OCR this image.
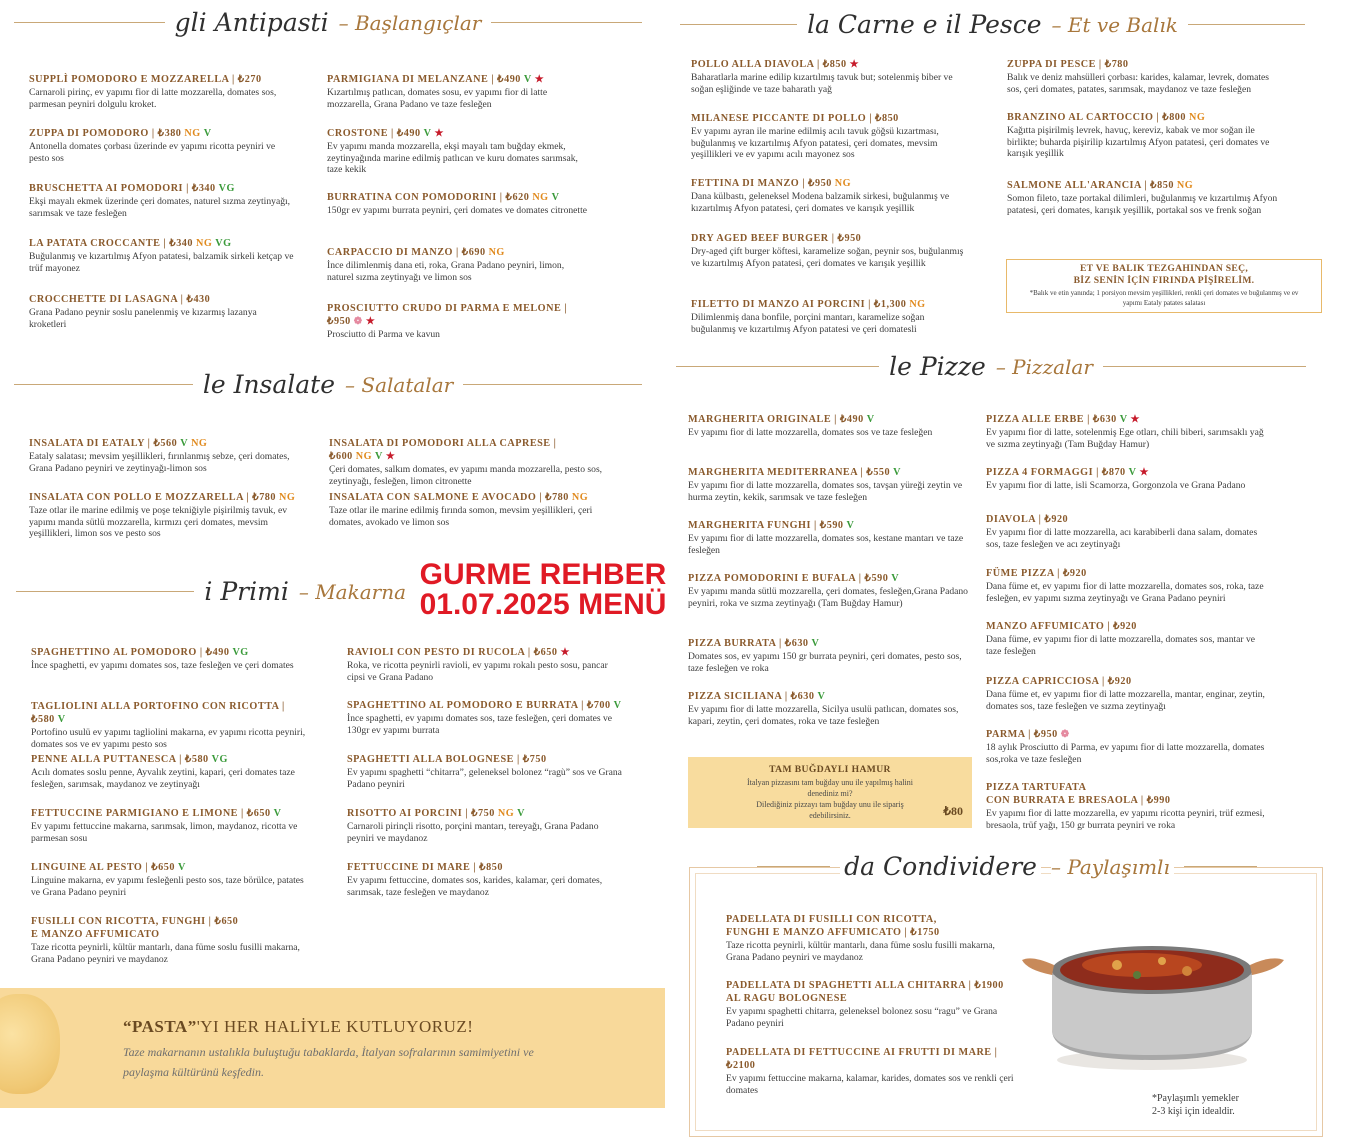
gli Antipasti – Başlangıçlar	la Carne e il Pesce – Et ve Balık
le Insalate – Salatalar
le Pizze – Pizzalar
i Primi – Makarna
da Condividere – Paylaşımlı
SUPPLÌ POMODORO E MOZZARELLA | ₺270
Carnaroli pirinç, ev yapımı fior di latte mozzarella, domates sos, parmesan peyniri dolgulu kroket.
ZUPPA DI POMODORO | ₺380 NG V
Antonella domates çorbası üzerinde ev yapımı ricotta peyniri ve pesto sos
BRUSCHETTA AI POMODORI | ₺340 VG
Ekşi mayalı ekmek üzerinde çeri domates, naturel sızma zeytinyağı, sarımsak ve taze fesleğen
LA PATATA CROCCANTE | ₺340 NG VG
Buğulanmış ve kızartılmış Afyon patatesi, balzamik sirkeli ketçap ve trüf mayonez
CROCCHETTE DI LASAGNA | ₺430
Grana Padano peynir soslu panelenmiş ve kızarmış lazanya kroketleri
PARMIGIANA DI MELANZANE | ₺490 V ★
Kızartılmış patlıcan, domates sosu, ev yapımı fior di latte mozzarella, Grana Padano ve taze fesleğen
CROSTONE | ₺490 V ★
Ev yapımı manda mozzarella, ekşi mayalı tam buğday ekmek, zeytinyağında marine edilmiş patlıcan ve kuru domates sarımsak, taze kekik
BURRATINA CON POMODORINI | ₺620 NG V
150gr ev yapımı burrata peyniri, çeri domates ve domates citronette
CARPACCIO DI MANZO | ₺690 NG
İnce dilimlenmiş dana eti, roka, Grana Padano peyniri, limon, naturel sızma zeytinyağı ve limon sos
PROSCIUTTO CRUDO DI PARMA E MELONE | ₺950 ❁ ★
Prosciutto di Parma ve kavun
INSALATA DI EATALY | ₺560 V NG
Eataly salatası; mevsim yeşillikleri, fırınlanmış sebze, çeri domates, Grana Padano peyniri ve zeytinyağı-limon sos
INSALATA CON POLLO E MOZZARELLA | ₺780 NG
Taze otlar ile marine edilmiş ve poşe tekniğiyle pişirilmiş tavuk, ev yapımı manda sütlü mozzarella, kırmızı çeri domates, mevsim yeşillikleri, limon sos ve pesto sos
INSALATA DI POMODORI ALLA CAPRESE | ₺600 NG V ★
Çeri domates, salkım domates, ev yapımı manda mozzarella, pesto sos, zeytinyağı, fesleğen, limon citronette
INSALATA CON SALMONE E AVOCADO | ₺780 NG
Taze otlar ile marine edilmiş fırında somon, mevsim yeşillikleri, çeri domates, avokado ve limon sos
SPAGHETTINO AL POMODORO | ₺490 VG
İnce spaghetti, ev yapımı domates sos, taze fesleğen ve çeri domates
TAGLIOLINI ALLA PORTOFINO CON RICOTTA | ₺580 V
Portofino usulü ev yapımı tagliolini makarna, ev yapımı ricotta peyniri, domates sos ve ev yapımı pesto sos
PENNE ALLA PUTTANESCA | ₺580 VG
Acılı domates soslu penne, Ayvalık zeytini, kapari, çeri domates taze fesleğen, sarımsak, maydanoz ve zeytinyağı
FETTUCCINE PARMIGIANO E LIMONE | ₺650 V
Ev yapımı fettuccine makarna, sarımsak, limon, maydanoz, ricotta ve parmesan sosu
LINGUINE AL PESTO | ₺650 V
Linguine makarna, ev yapımı fesleğenli pesto sos, taze börülce, patates ve Grana Padano peyniri
FUSILLI CON RICOTTA, FUNGHI | ₺650
E MANZO AFFUMICATO
Taze ricotta peynirli, kültür mantarlı, dana füme soslu fusilli makarna, Grana Padano peyniri ve maydanoz
RAVIOLI CON PESTO DI RUCOLA | ₺650 ★
Roka, ve ricotta peynirli ravioli, ev yapımı rokalı pesto sosu, pancar cipsi ve Grana Padano
SPAGHETTINO AL POMODORO E BURRATA | ₺700 V
İnce spaghetti, ev yapımı domates sos, taze fesleğen, çeri domates ve 130gr ev yapımı burrata
SPAGHETTI ALLA BOLOGNESE | ₺750
Ev yapımı spaghetti “chitarra”, geleneksel bolonez “ragù” sos ve Grana Padano peyniri
RISOTTO AI PORCINI | ₺750 NG V
Carnaroli pirinçli risotto, porçini mantarı, tereyağı, Grana Padano peyniri ve maydanoz
FETTUCCINE DI MARE | ₺850
Ev yapımı fettuccine, domates sos, karides, kalamar, çeri domates, sarımsak, taze fesleğen ve maydanoz
POLLO ALLA DIAVOLA | ₺850 ★
Baharatlarla marine edilip kızartılmış tavuk but; sotelenmiş biber ve soğan eşliğinde ve taze baharatlı yağ
MILANESE PICCANTE DI POLLO | ₺850
Ev yapımı ayran ile marine edilmiş acılı tavuk göğsü kızartması, buğulanmış ve kızartılmış Afyon patatesi, çeri domates, mevsim yeşillikleri ve ev yapımı acılı mayonez sos
FETTINA DI MANZO | ₺950 NG
Dana külbastı, geleneksel Modena balzamik sirkesi, buğulanmış ve kızartılmış Afyon patatesi, çeri domates ve karışık yeşillik
DRY AGED BEEF BURGER | ₺950
Dry-aged çift burger köftesi, karamelize soğan, peynir sos, buğulanmış ve kızartılmış Afyon patatesi, çeri domates ve karışık yeşillik
FILETTO DI MANZO AI PORCINI | ₺1,300 NG
Dilimlenmiş dana bonfile, porçini mantarı, karamelize soğan buğulanmış ve kızartılmış Afyon patatesi ve çeri domatesli
ZUPPA DI PESCE | ₺780
Balık ve deniz mahsülleri çorbası: karides, kalamar, levrek, domates sos, çeri domates, patates, sarımsak, maydanoz ve taze fesleğen
BRANZINO AL CARTOCCIO | ₺800 NG
Kağıtta pişirilmiş levrek, havuç, kereviz, kabak ve mor soğan ile birlikte; buharda pişirilip kızartılmış Afyon patatesi, çeri domates ve karışık yeşillik
SALMONE ALL'ARANCIA | ₺850 NG
Somon fileto, taze portakal dilimleri, buğulanmış ve kızartılmış Afyon patatesi, çeri domates, karışık yeşillik, portakal sos ve frenk soğan
MARGHERITA ORIGINALE | ₺490 V
Ev yapımı fior di latte mozzarella, domates sos ve taze fesleğen
MARGHERITA MEDITERRANEA | ₺550 V
Ev yapımı fior di latte mozzarella, domates sos, tavşan yüreği zeytin ve hurma zeytin, kekik, sarımsak ve taze fesleğen
MARGHERITA FUNGHI | ₺590 V
Ev yapımı fior di latte mozzarella, domates sos, kestane mantarı ve taze fesleğen
PIZZA POMODORINI E BUFALA | ₺590 V
Ev yapımı manda sütlü mozzarella, çeri domates, fesleğen,Grana Padano peyniri, roka ve sızma zeytinyağı (Tam Buğday Hamur)
PIZZA BURRATA | ₺630 V
Domates sos, ev yapımı 150 gr burrata peyniri, çeri domates, pesto sos, taze fesleğen ve roka
PIZZA SICILIANA | ₺630 V
Ev yapımı fior di latte mozzarella, Sicilya usulü patlıcan, domates sos, kapari, zeytin, çeri domates, roka ve taze fesleğen
PIZZA ALLE ERBE | ₺630 V ★
Ev yapımı fior di latte, sotelenmiş Ege otları, chili biberi, sarımsaklı yağ ve sızma zeytinyağı (Tam Buğday Hamur)
PIZZA 4 FORMAGGI | ₺870 V ★
Ev yapımı fior di latte, isli Scamorza, Gorgonzola ve Grana Padano
DIAVOLA | ₺920
Ev yapımı fior di latte mozzarella, acı karabiberli dana salam, domates sos, taze fesleğen ve acı zeytinyağı
FÜME PIZZA | ₺920
Dana füme et, ev yapımı fior di latte mozzarella, domates sos, roka, taze fesleğen, ev yapımı sızma zeytinyağı ve Grana Padano peyniri
MANZO AFFUMICATO | ₺920
Dana füme, ev yapımı fior di latte mozzarella, domates sos, mantar ve taze fesleğen
PIZZA CAPRICCIOSA | ₺920
Dana füme et, ev yapımı fior di latte mozzarella, mantar, enginar, zeytin, domates sos, taze fesleğen ve sızma zeytinyağı
PARMA | ₺950 ❁
18 aylık Prosciutto di Parma, ev yapımı fior di latte mozzarella, domates sos,roka ve taze fesleğen
PIZZA TARTUFATA
CON BURRATA E BRESAOLA | ₺990
Ev yapımı fior di latte mozzarella, ev yapımı ricotta peyniri, trüf ezmesi, bresaola, trüf yağı, 150 gr burrata peyniri ve roka
PADELLATA DI FUSILLI CON RICOTTA,
FUNGHI E MANZO AFFUMICATO | ₺1750
Taze ricotta peynirli, kültür mantarlı, dana füme soslu fusilli makarna, Grana Padano peyniri ve maydanoz
PADELLATA DI SPAGHETTI ALLA CHITARRA | ₺1900
AL RAGU BOLOGNESE
Ev yapımı spaghetti chitarra, geleneksel bolonez sosu “ragu” ve Grana Padano peyniri
PADELLATA DI FETTUCCINE AI FRUTTI DI MARE | ₺2100
Ev yapımı fettuccine makarna, kalamar, karides, domates sos ve renkli çeri domates
ET VE BALIK TEZGAHINDAN SEÇ,
BİZ SENİN İÇİN FIRINDA PİŞİRELİM.
*Balık ve etin yanında; 1 porsiyon mevsim yeşillikleri, renkli çeri domates ve buğulanmış ve ev yapımı Eataly patates salatası
TAM BUĞDAYLI HAMUR
İtalyan pizzasını tam buğday unu ile yapılmış halini denediniz mi?
Dilediğiniz pizzayı tam buğday unu ile sipariş edebilirsiniz.	₺80
GURME REHBER
01.07.2025 MENÜ
“PASTA”'YI HER HALİYLE KUTLUYORUZ!
Taze makarnanın ustalıkla buluştuğu tabaklarda, İtalyan sofralarının samimiyetini ve paylaşma kültürünü keşfedin.
*Paylaşımlı yemekler
2-3 kişi için idealdir.
